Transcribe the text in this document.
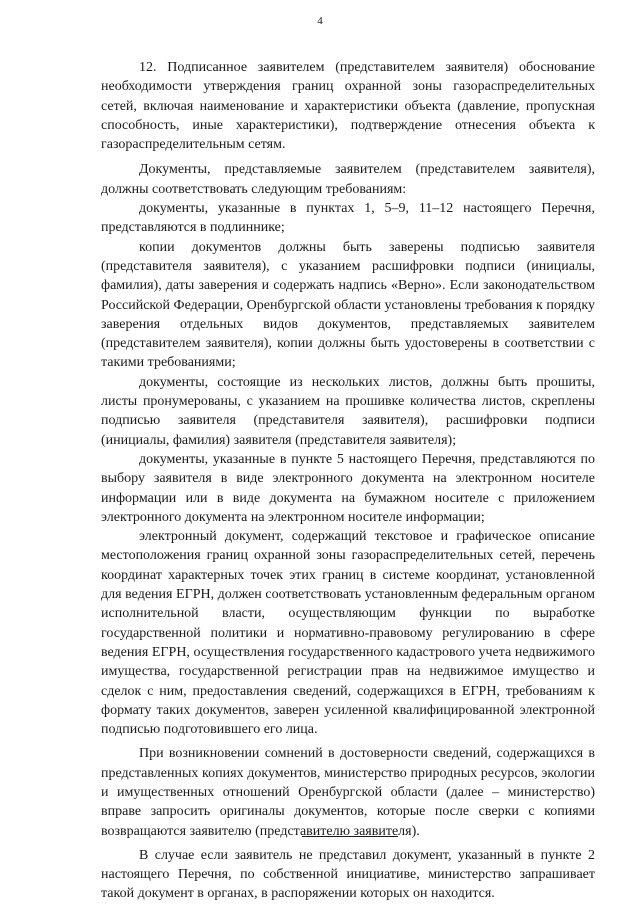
4

12. Подписанное заявителем (представителем заявителя) обоснование необходимости утверждения границ охранной зоны газораспределительных сетей, включая наименование и характеристики объекта (давление, пропускная способность, иные характеристики), подтверждение отнесения объекта к газораспределительным сетям.

Документы, представляемые заявителем (представителем заявителя), должны соответствовать следующим требованиям:

документы, указанные в пунктах 1, 5–9, 11–12 настоящего Перечня, представляются в подлиннике;

копии документов должны быть заверены подписью заявителя (представителя заявителя), с указанием расшифровки подписи (инициалы, фамилия), даты заверения и содержать надпись «Верно». Если законодательством Российской Федерации, Оренбургской области установлены требования к порядку заверения отдельных видов документов, представляемых заявителем (представителем заявителя), копии должны быть удостоверены в соответствии с такими требованиями;

документы, состоящие из нескольких листов, должны быть прошиты, листы пронумерованы, с указанием на прошивке количества листов, скреплены подписью заявителя (представителя заявителя), расшифровки подписи (инициалы, фамилия) заявителя (представителя заявителя);

документы, указанные в пункте 5 настоящего Перечня, представляются по выбору заявителя в виде электронного документа на электронном носителе информации или в виде документа на бумажном носителе с приложением электронного документа на электронном носителе информации;

электронный документ, содержащий текстовое и графическое описание местоположения границ охранной зоны газораспределительных сетей, перечень координат характерных точек этих границ в системе координат, установленной для ведения ЕГРН, должен соответствовать установленным федеральным органом исполнительной власти, осуществляющим функции по выработке государственной политики и нормативно-правовому регулированию в сфере ведения ЕГРН, осуществления государственного кадастрового учета недвижимого имущества, государственной регистрации прав на недвижимое имущество и сделок с ним, предоставления сведений, содержащихся в ЕГРН, требованиям к формату таких документов, заверен усиленной квалифицированной электронной подписью подготовившего его лица.

При возникновении сомнений в достоверности сведений, содержащихся в представленных копиях документов, министерство природных ресурсов, экологии и имущественных отношений Оренбургской области (далее – министерство) вправе запросить оригиналы документов, которые после сверки с копиями возвращаются заявителю (представителю заявителя).

В случае если заявитель не представил документ, указанный в пункте 2 настоящего Перечня, по собственной инициативе, министерство запрашивает такой документ в органах, в распоряжении которых он находится.
